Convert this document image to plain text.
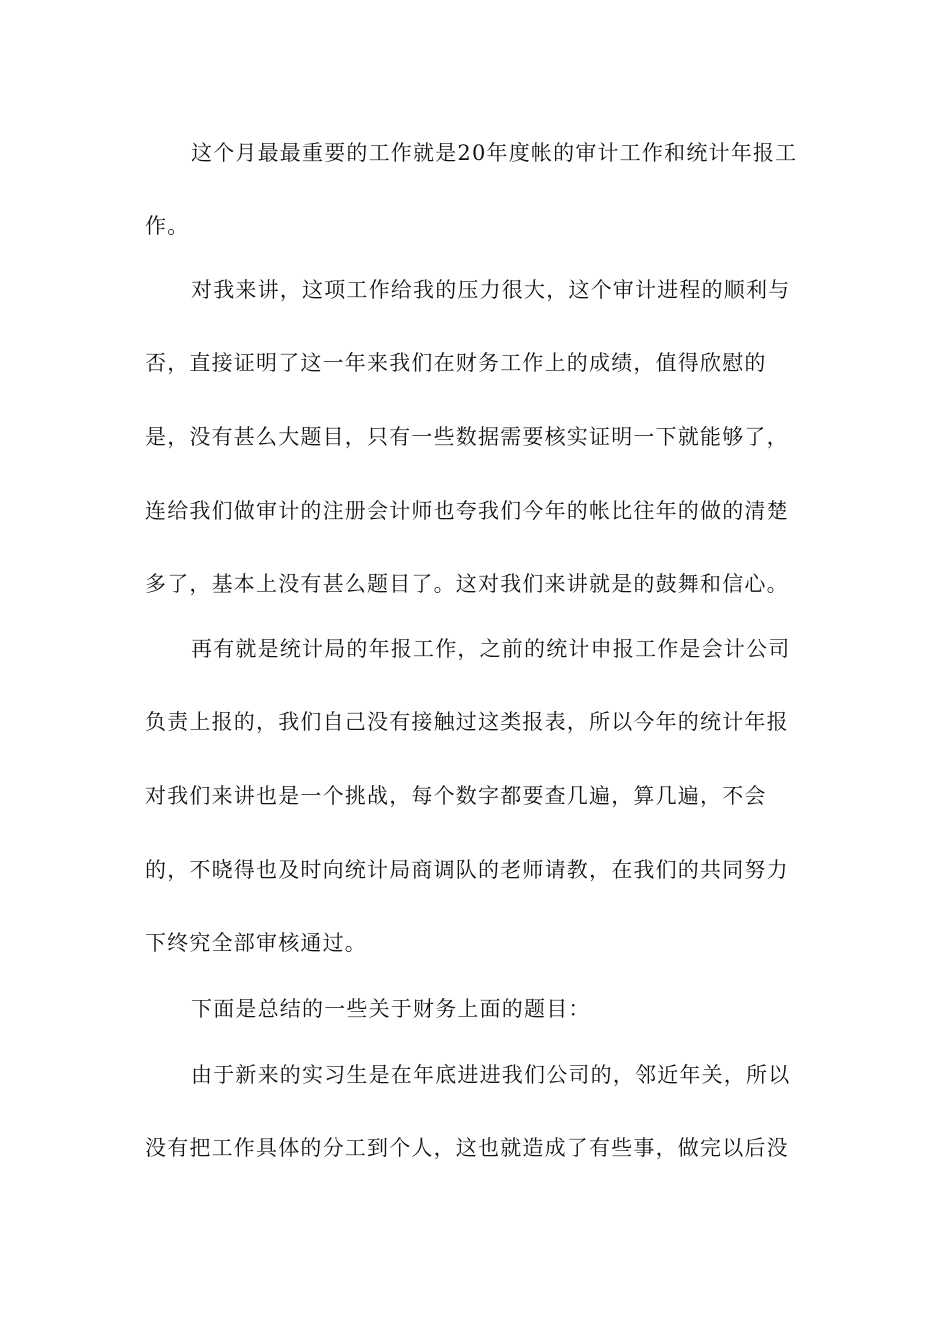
这个月最最重要的工作就是20年度帐的审计工作和统计年报工
作。
对我来讲，这项工作给我的压力很大，这个审计进程的顺利与
否，直接证明了这一年来我们在财务工作上的成绩，值得欣慰的
是，没有甚么大题目，只有一些数据需要核实证明一下就能够了，
连给我们做审计的注册会计师也夸我们今年的帐比往年的做的清楚
多了，基本上没有甚么题目了。这对我们来讲就是的鼓舞和信心。
再有就是统计局的年报工作，之前的统计申报工作是会计公司
负责上报的，我们自己没有接触过这类报表，所以今年的统计年报
对我们来讲也是一个挑战，每个数字都要查几遍，算几遍，不会
的，不晓得也及时向统计局商调队的老师请教，在我们的共同努力
下终究全部审核通过。
下面是总结的一些关于财务上面的题目：
由于新来的实习生是在年底进进我们公司的，邻近年关，所以
没有把工作具体的分工到个人，这也就造成了有些事，做完以后没
